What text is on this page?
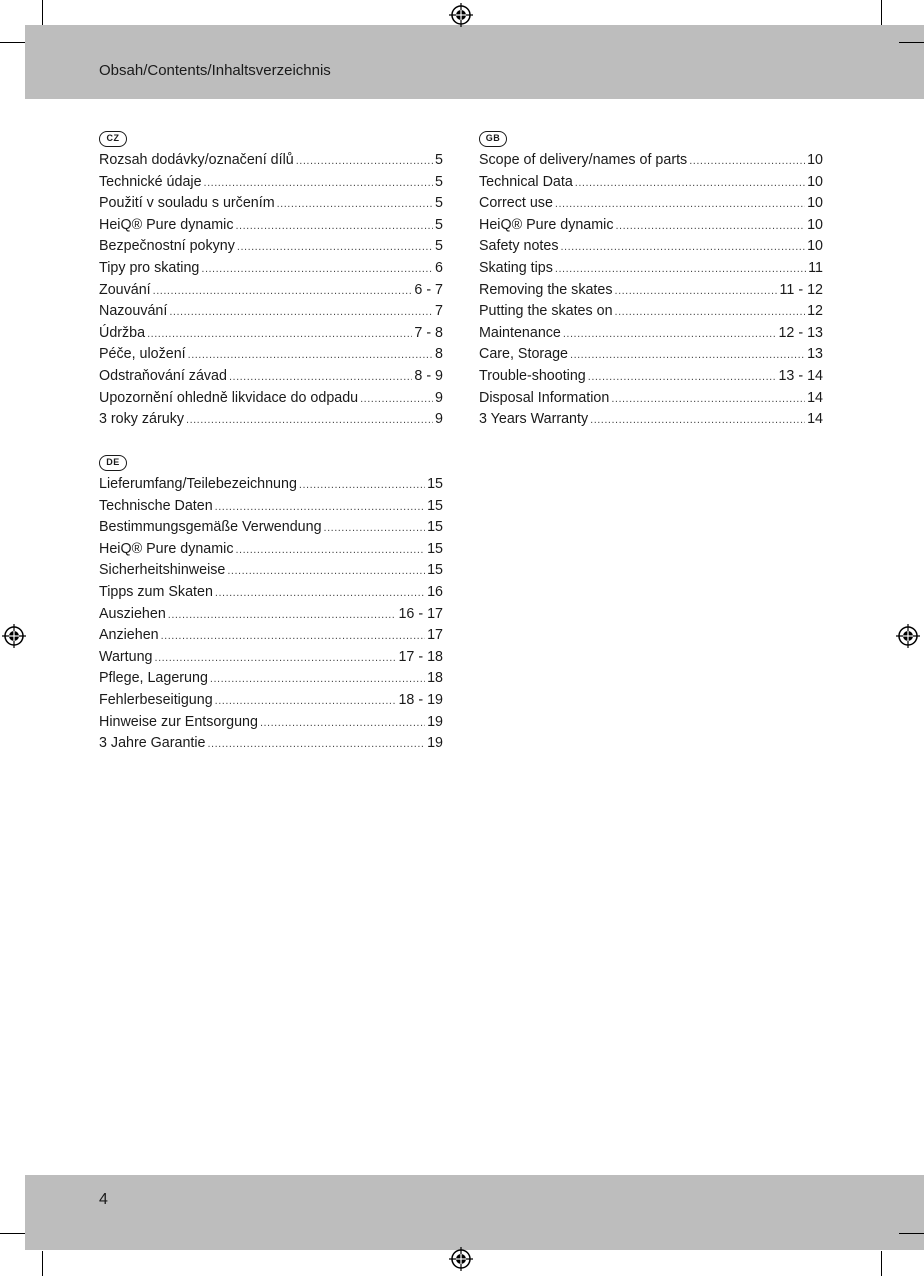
Obsah/Contents/Inhaltsverzeichnis
4
CZ
Rozsah dodávky/označení dílů .....	5
Technické údaje .....	5
Použití v souladu s určením .....	5
HeiQ® Pure dynamic .....	5
Bezpečnostní pokyny .....	5
Tipy pro skating .....	6
Zouvání .....	6 - 7
Nazouvání .....	7
Údržba .....	7 - 8
Péče, uložení .....	8
Odstraňování závad .....	8 - 9
Upozornění ohledně likvidace do odpadu .....	9
3 roky záruky .....	9
GB
Scope of delivery/names of parts .....	10
Technical Data .....	10
Correct use .....	10
HeiQ® Pure dynamic .....	10
Safety notes .....	10
Skating tips .....	11
Removing the skates .....	11 - 12
Putting the skates on .....	12
Maintenance .....	12 - 13
Care, Storage .....	13
Trouble-shooting .....	13 - 14
Disposal Information .....	14
3 Years Warranty .....	14
DE
Lieferumfang/Teilebezeichnung .....	15
Technische Daten .....	15
Bestimmungsgemäße Verwendung .....	15
HeiQ® Pure dynamic .....	15
Sicherheitshinweise .....	15
Tipps zum Skaten .....	16
Ausziehen .....	16 - 17
Anziehen .....	17
Wartung .....	17 - 18
Pflege, Lagerung .....	18
Fehlerbeseitigung .....	18 - 19
Hinweise zur Entsorgung .....	19
3 Jahre Garantie .....	19
